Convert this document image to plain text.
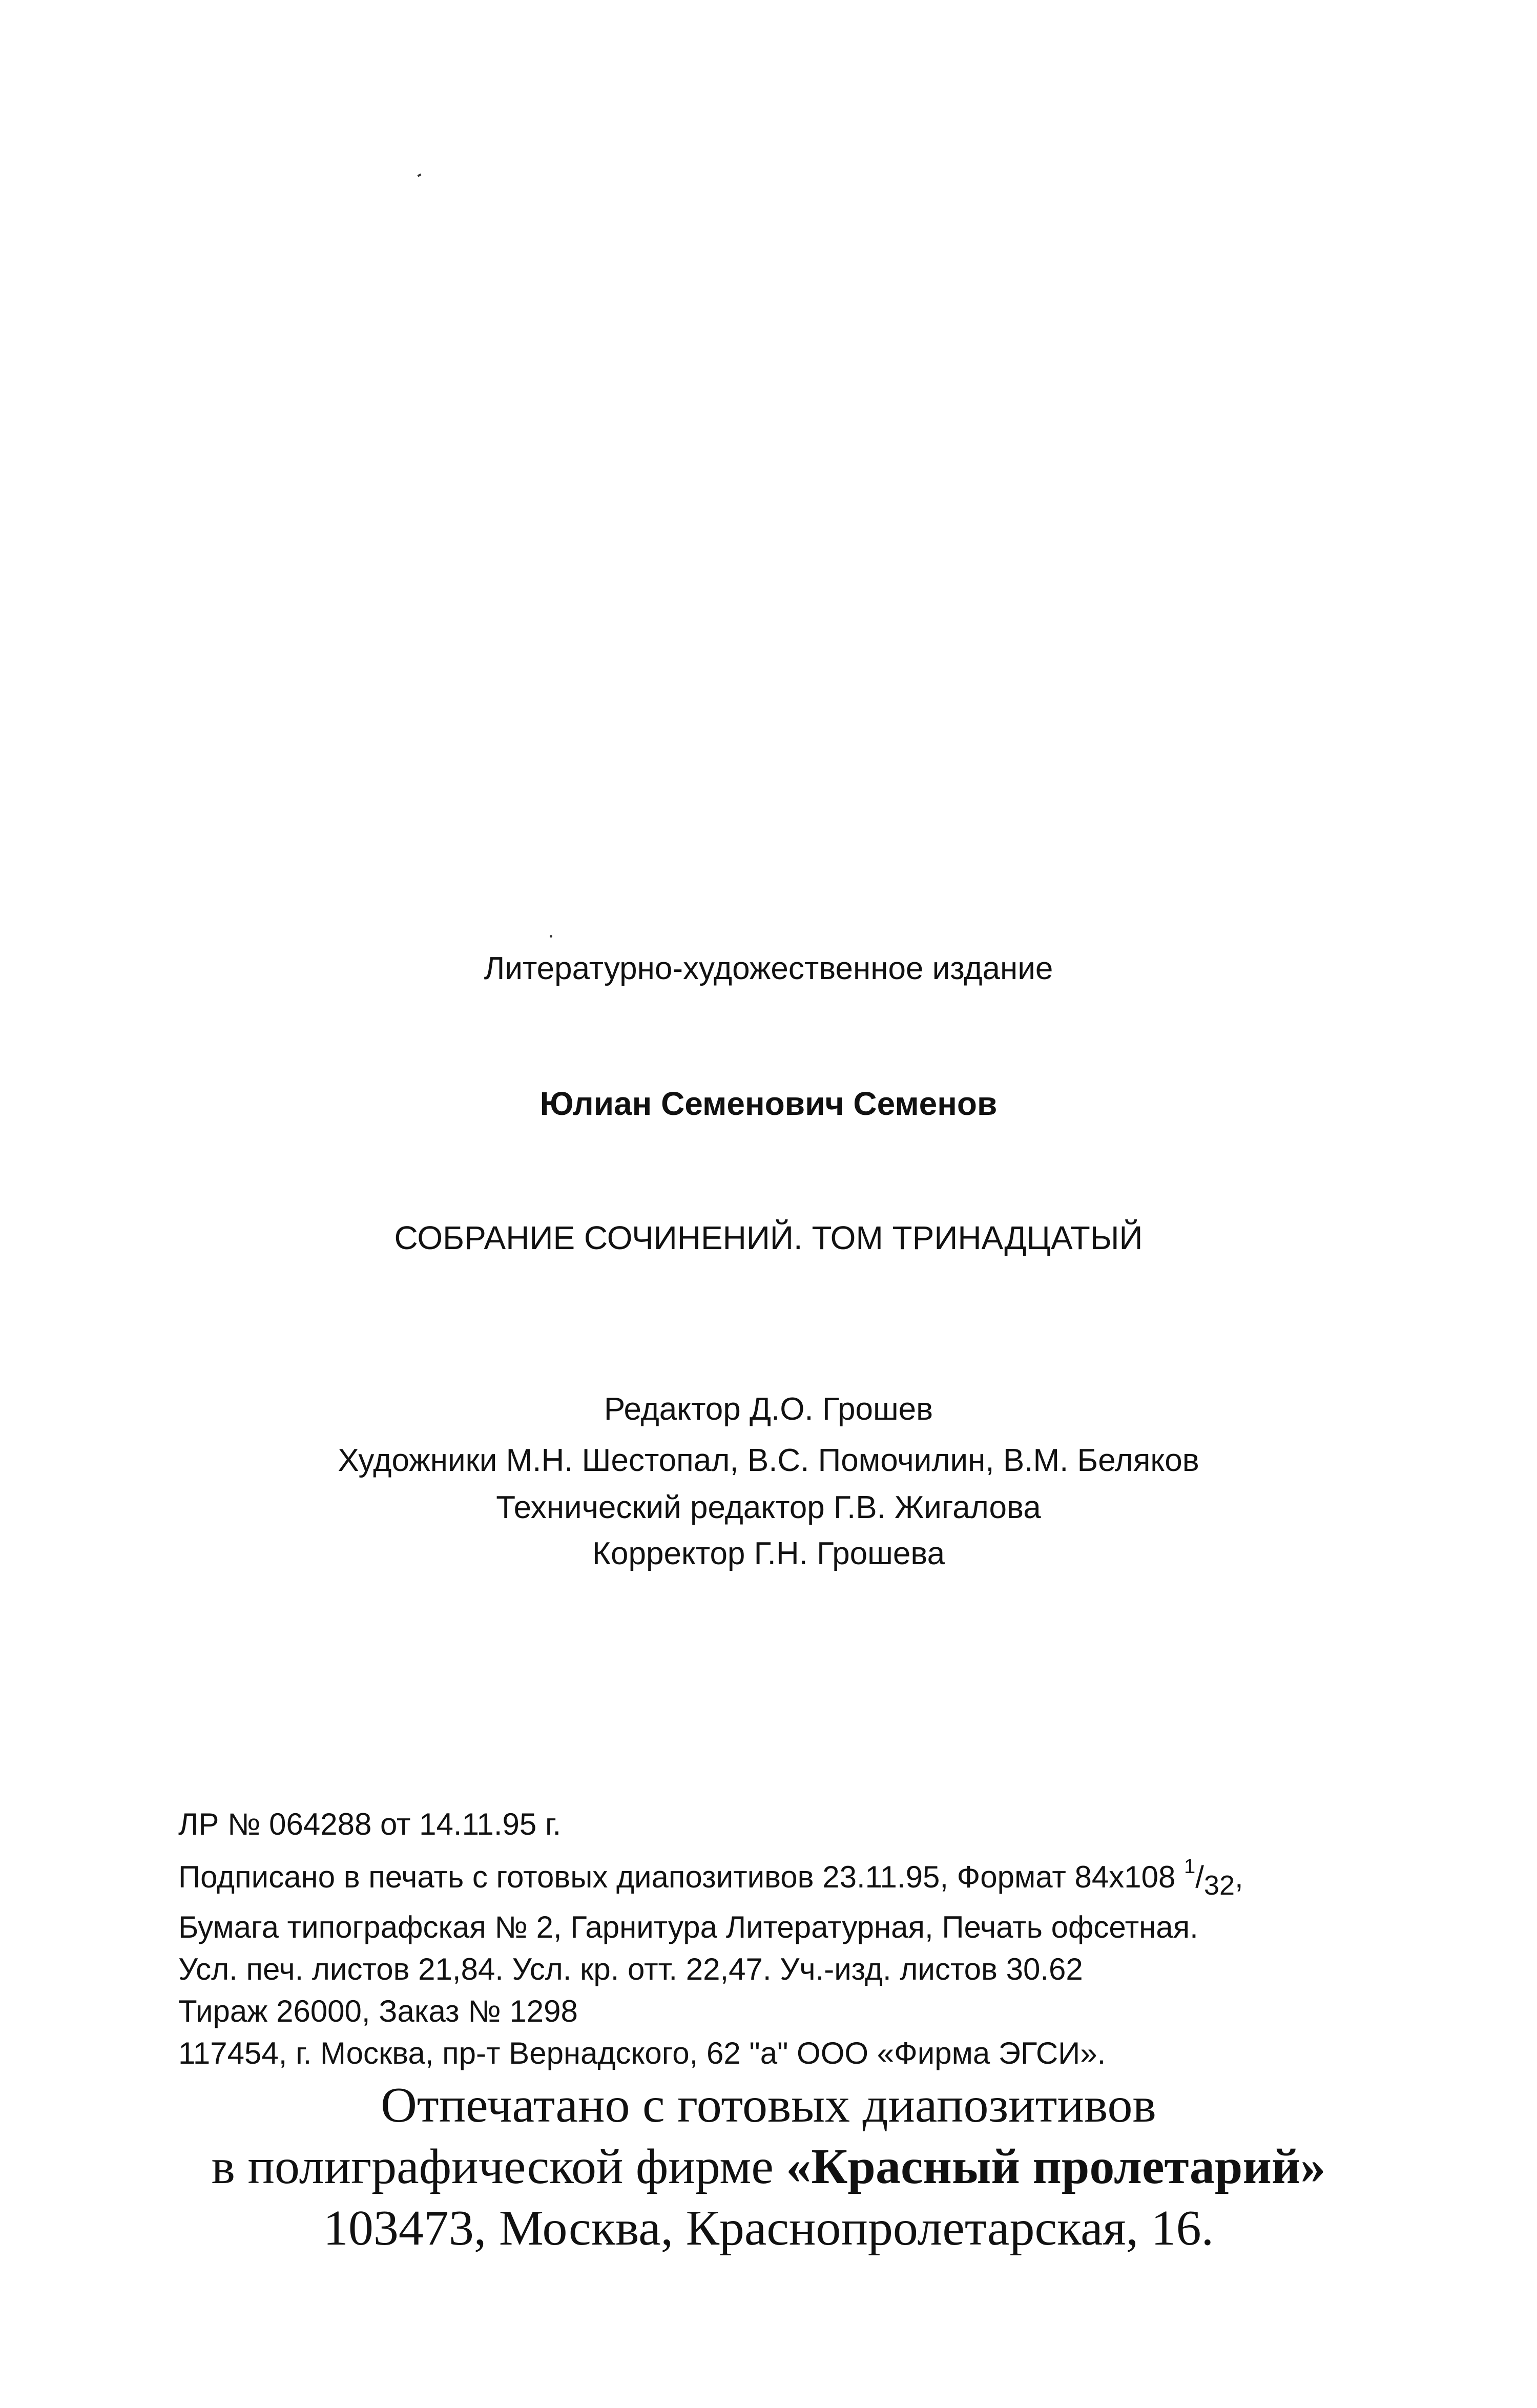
Литературно-художественное издание
Юлиан Семенович Семенов
СОБРАНИЕ СОЧИНЕНИЙ. ТОМ ТРИНАДЦАТЫЙ
Редактор Д.О. Грошев
Художники М.Н. Шестопал, В.С. Помочилин, В.М. Беляков
Технический редактор Г.В. Жигалова
Корректор Г.Н. Грошева
ЛР № 064288 от 14.11.95 г.
Подписано в печать с готовых диапозитивов 23.11.95, Формат 84х108 $^1/_{32}$,
Бумага типографская № 2, Гарнитура Литературная, Печать офсетная.
Усл. печ. листов 21,84. Усл. кр. отт. 22,47. Уч.-изд. листов 30.62
Тираж 26000, Заказ № 1298
117454, г. Москва, пр-т Вернадского, 62 "а" ООО «Фирма ЭГСИ».
Отпечатано с готовых диапозитивов
в полиграфической фирме «Красный пролетарий»
103473, Москва, Краснопролетарская, 16.
